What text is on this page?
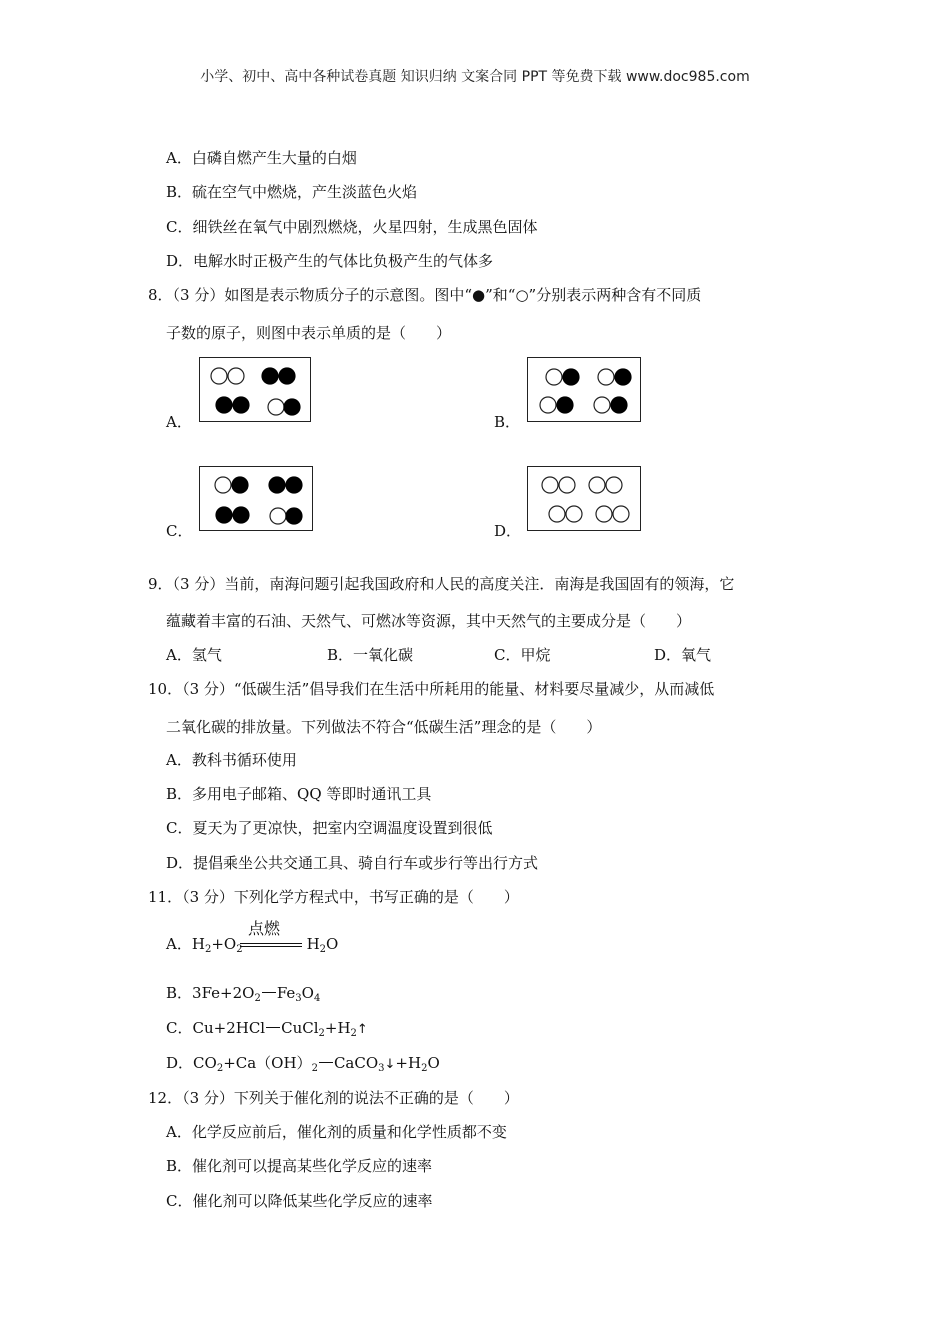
小学、初中、高中各种试卷真题 知识归纳 文案合同 PPT 等免费下载 www.doc985.com
A．白磷自燃产生大量的白烟
B．硫在空气中燃烧，产生淡蓝色火焰
C．细铁丝在氧气中剧烈燃烧，火星四射，生成黑色固体
D．电解水时正极产生的气体比负极产生的气体多
8．（3 分）如图是表示物质分子的示意图。图中“●”和“○”分别表示两种含有不同质
子数的原子，则图中表示单质的是（　　）
A．	B．
C．	D．
9．（3 分）当前，南海问题引起我国政府和人民的高度关注．南海是我国固有的领海，它
蕴藏着丰富的石油、天然气、可燃冰等资源，其中天然气的主要成分是（　　）
A．氢气	B．一氧化碳	C．甲烷	D．氧气
10．（3 分）“低碳生活”倡导我们在生活中所耗用的能量、材料要尽量减少，从而减低
二氧化碳的排放量。下列做法不符合“低碳生活”理念的是（　　）
A．教科书循环使用
B．多用电子邮箱、QQ 等即时通讯工具
C．夏天为了更凉快，把室内空调温度设置到很低
D．提倡乘坐公共交通工具、骑自行车或步行等出行方式
11．（3 分）下列化学方程式中，书写正确的是（　　）
A．$H_2+O_2$	$H_2O$
点燃
B．$3Fe+2O_2$ $Fe_3O_4$
C．Cu+2HCl $CuCl_2+H_2↑$
D．$CO_2+Ca(OH)_2$ $CaCO_3↓+H_2O$
12．（3 分）下列关于催化剂的说法不正确的是（　　）
A．化学反应前后，催化剂的质量和化学性质都不变
B．催化剂可以提高某些化学反应的速率
C．催化剂可以降低某些化学反应的速率
